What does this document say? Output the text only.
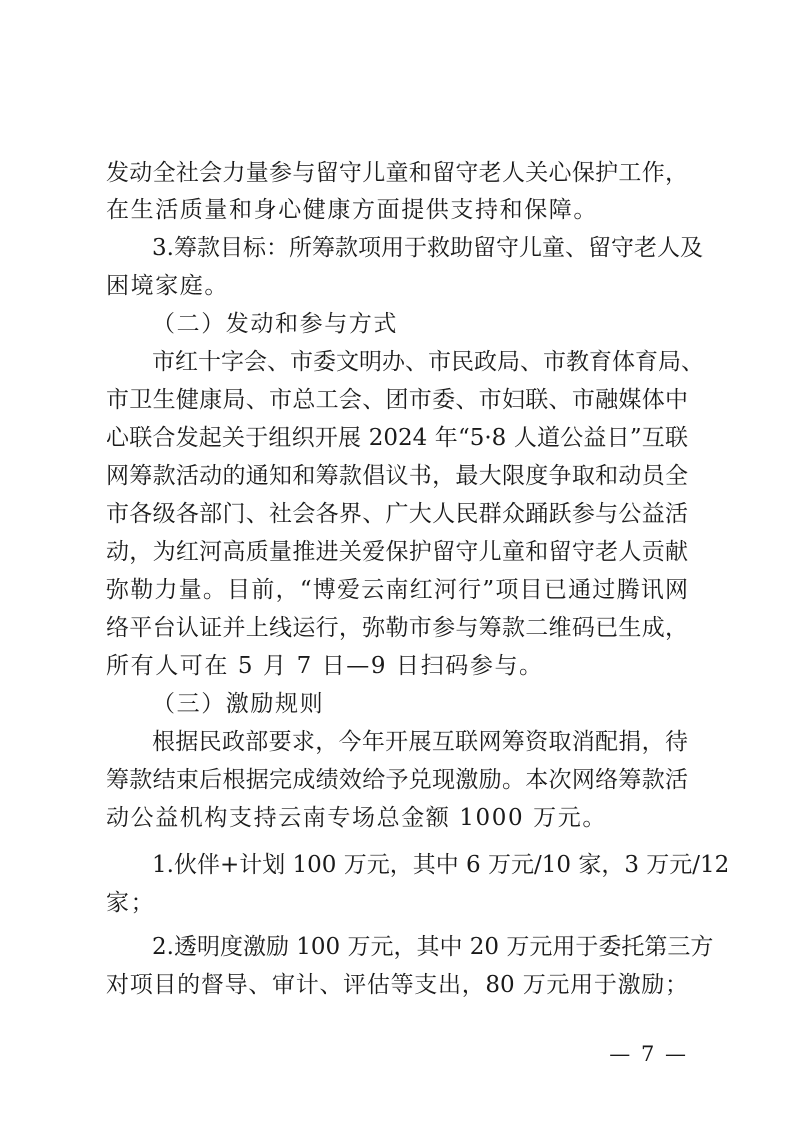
发动全社会力量参与留守儿童和留守老人关心保护工作，
在生活质量和身心健康方面提供支持和保障。
3.筹款目标：所筹款项用于救助留守儿童、留守老人及
困境家庭。
（二）发动和参与方式
市红十字会、市委文明办、市民政局、市教育体育局、
市卫生健康局、市总工会、团市委、市妇联、市融媒体中
心联合发起关于组织开展 2024 年“5·8 人道公益日”互联
网筹款活动的通知和筹款倡议书，最大限度争取和动员全
市各级各部门、社会各界、广大人民群众踊跃参与公益活
动，为红河高质量推进关爱保护留守儿童和留守老人贡献
弥勒力量。目前，“博爱云南红河行”项目已通过腾讯网
络平台认证并上线运行，弥勒市参与筹款二维码已生成，
所有人可在 5 月 7 日—9 日扫码参与。
（三）激励规则
根据民政部要求，今年开展互联网筹资取消配捐，待
筹款结束后根据完成绩效给予兑现激励。本次网络筹款活
动公益机构支持云南专场总金额 1000 万元。
1.伙伴+计划 100 万元，其中 6 万元/10 家，3 万元/12
家；
2.透明度激励 100 万元，其中 20 万元用于委托第三方
对项目的督导、审计、评估等支出，80 万元用于激励；
— 7 —
